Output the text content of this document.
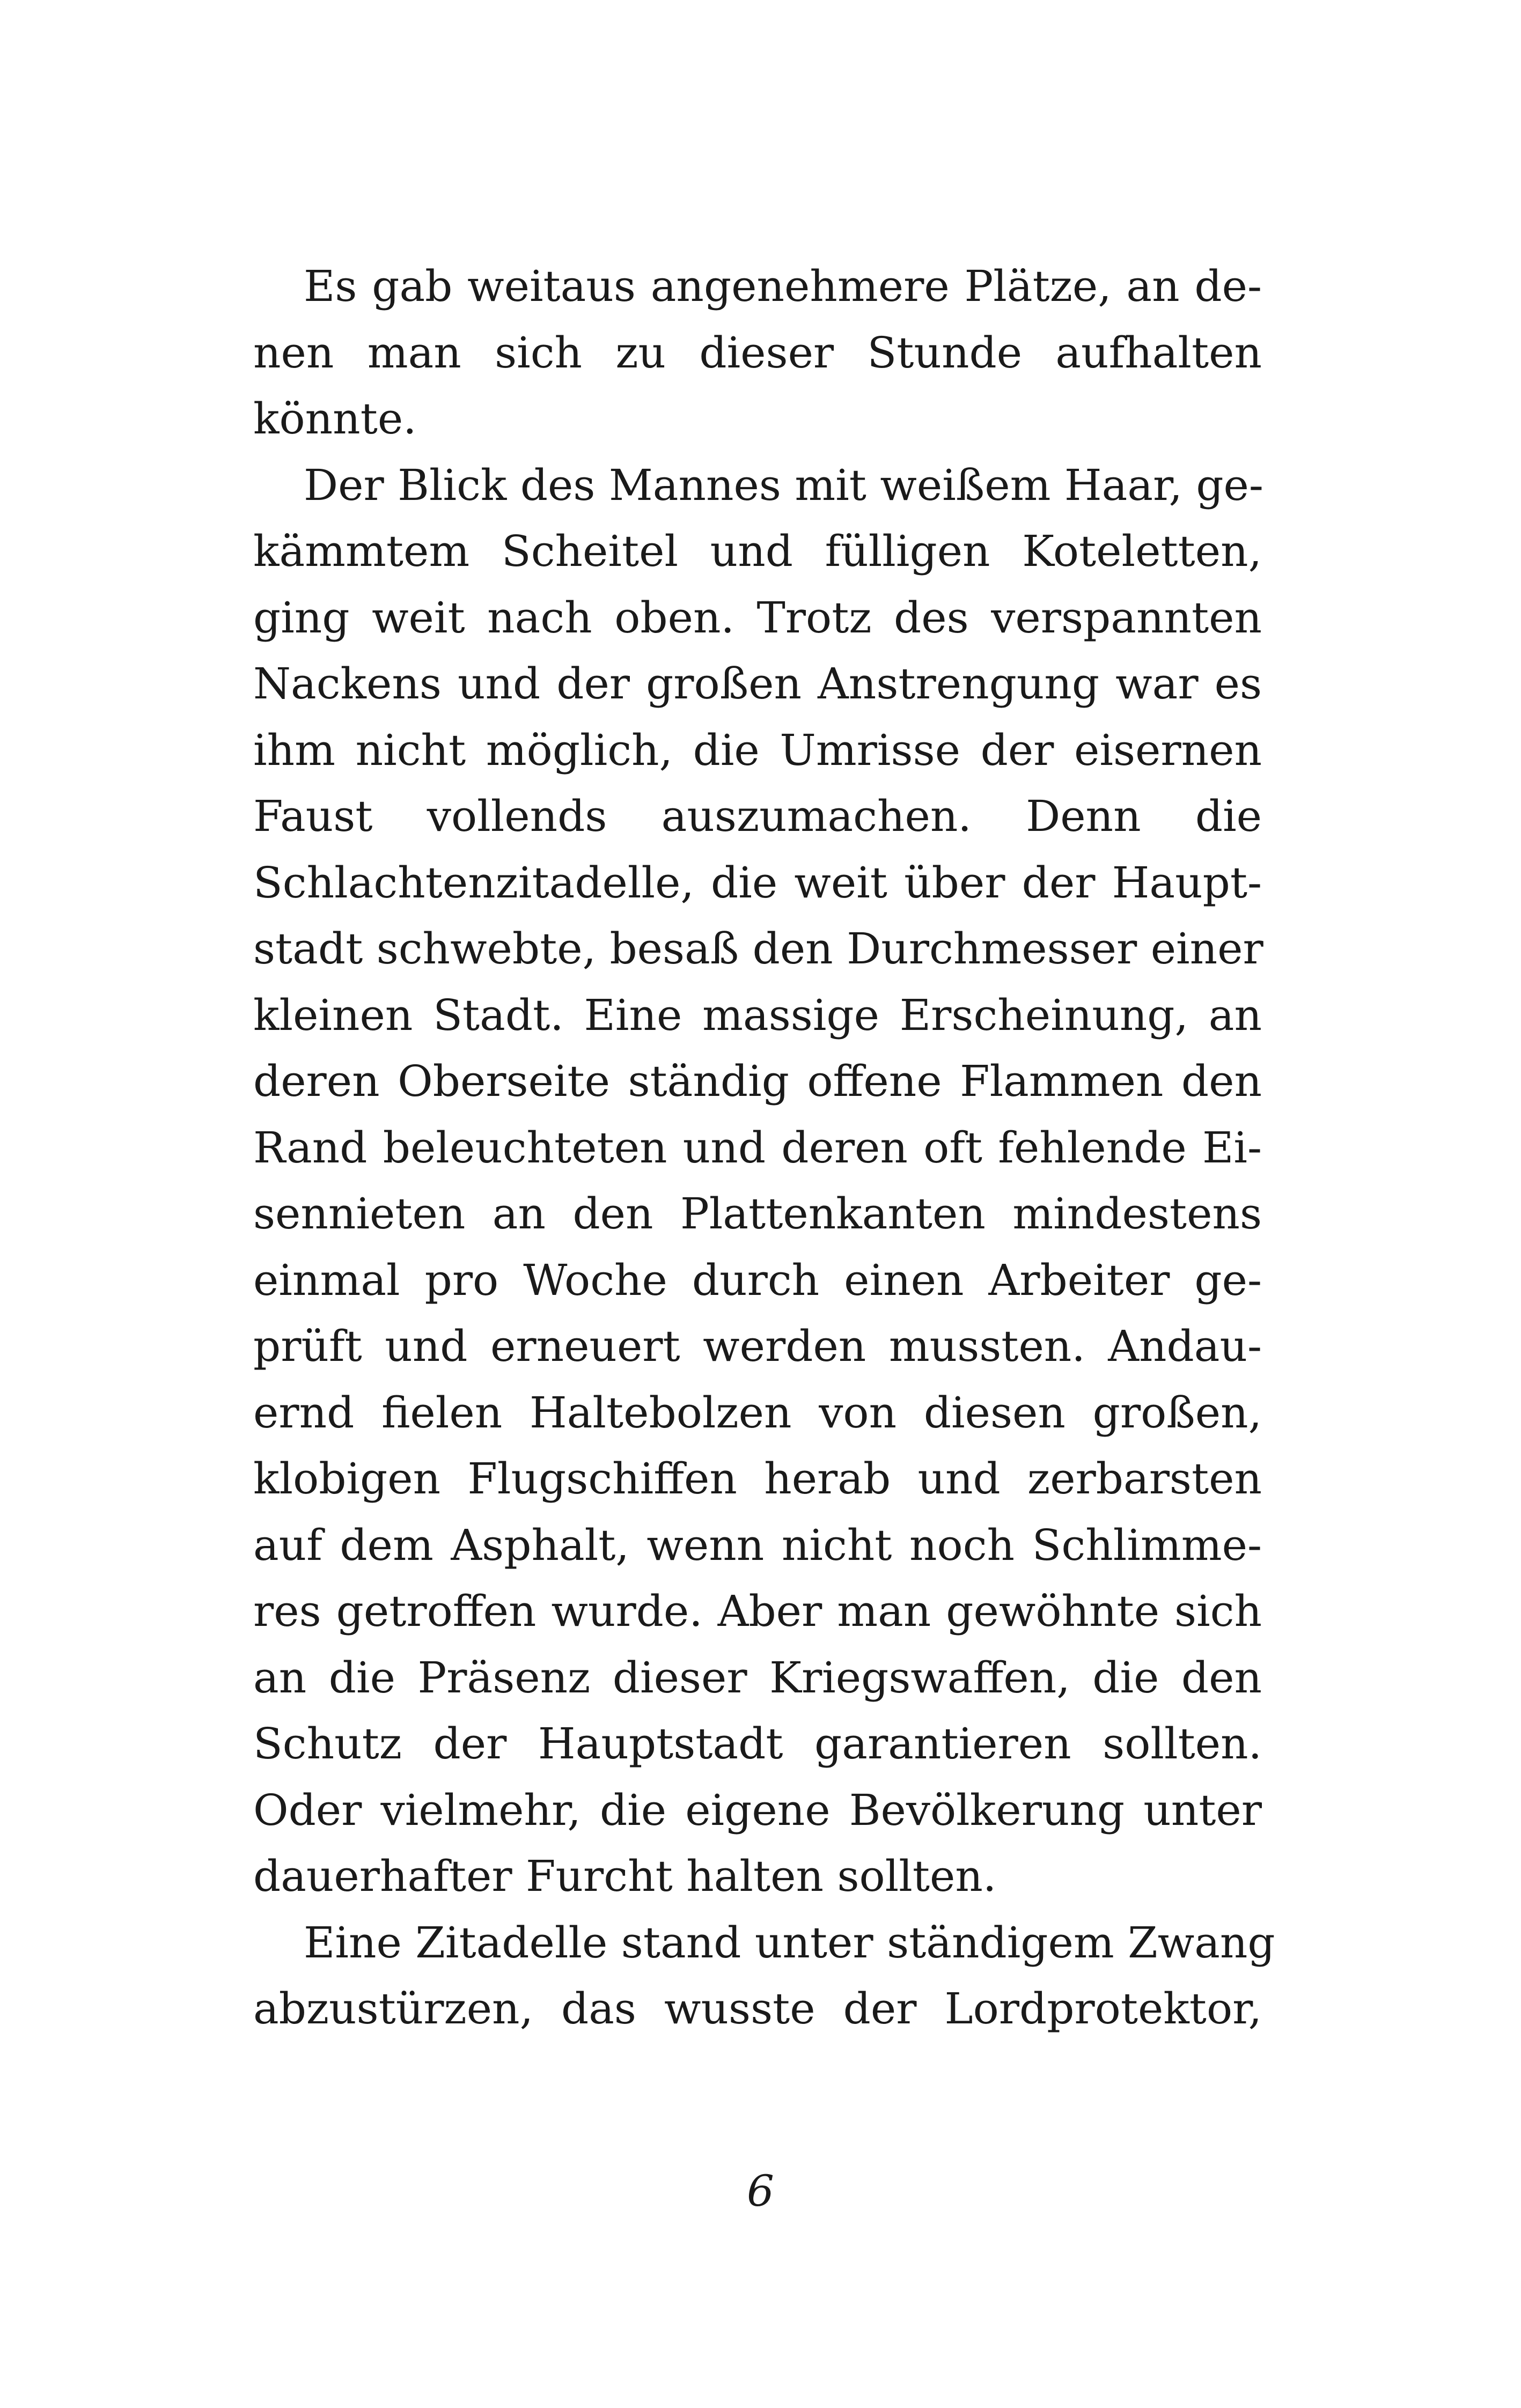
Es gab weitaus angenehmere Plätze, an de-
nen man sich zu dieser Stunde aufhalten
könnte.
Der Blick des Mannes mit weißem Haar, ge-
kämmtem Scheitel und fülligen Koteletten,
ging weit nach oben. Trotz des verspannten
Nackens und der großen Anstrengung war es
ihm nicht möglich, die Umrisse der eisernen
Faust vollends auszumachen. Denn die
Schlachtenzitadelle, die weit über der Haupt-
stadt schwebte, besaß den Durchmesser einer
kleinen Stadt. Eine massige Erscheinung, an
deren Oberseite ständig offene Flammen den
Rand beleuchteten und deren oft fehlende Ei-
sennieten an den Plattenkanten mindestens
einmal pro Woche durch einen Arbeiter ge-
prüft und erneuert werden mussten. Andau-
ernd fielen Haltebolzen von diesen großen,
klobigen Flugschiffen herab und zerbarsten
auf dem Asphalt, wenn nicht noch Schlimme-
res getroffen wurde. Aber man gewöhnte sich
an die Präsenz dieser Kriegswaffen, die den
Schutz der Hauptstadt garantieren sollten.
Oder vielmehr, die eigene Bevölkerung unter
dauerhafter Furcht halten sollten.
Eine Zitadelle stand unter ständigem Zwang
abzustürzen, das wusste der Lordprotektor,
6
